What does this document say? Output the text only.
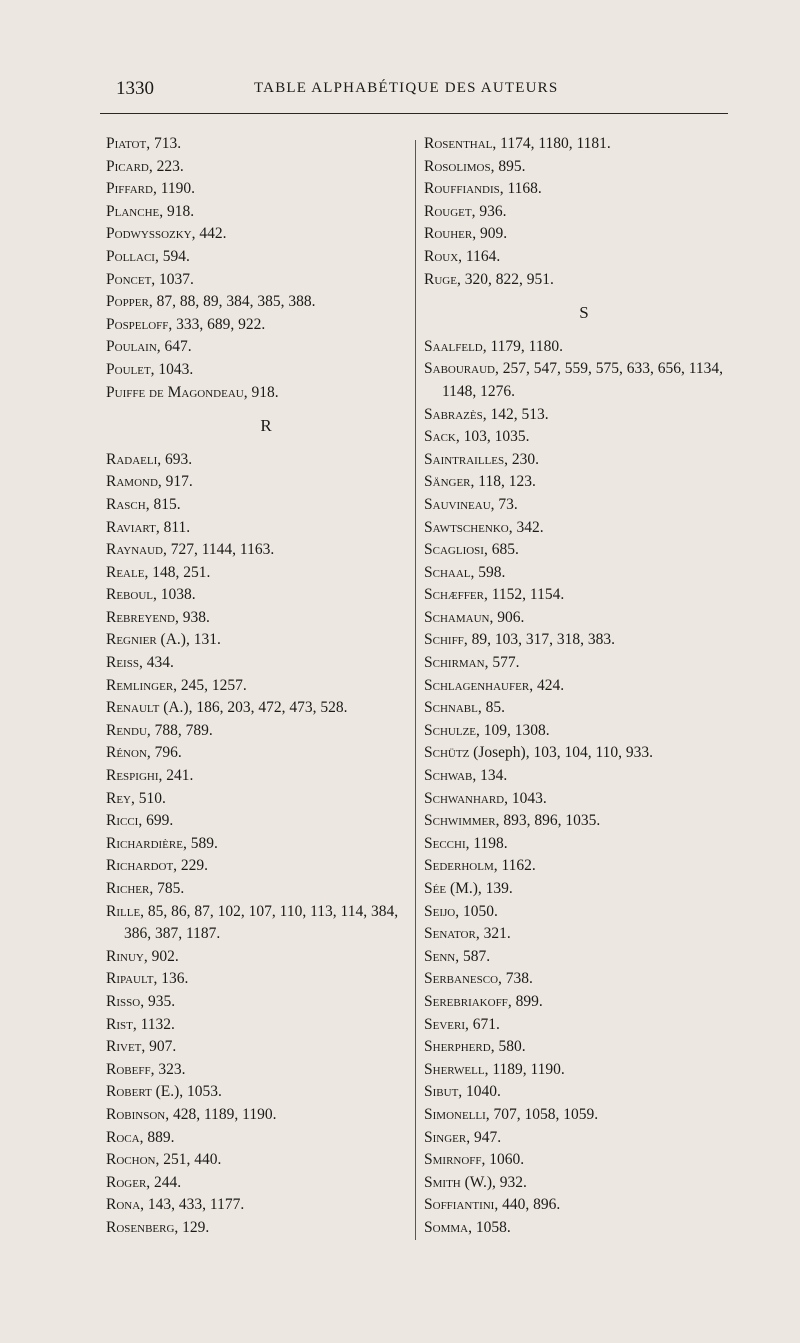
1330	TABLE ALPHABÉTIQUE DES AUTEURS
Piatot, 713.
Picard, 223.
Piffard, 1190.
Planche, 918.
Podwyssozky, 442.
Pollaci, 594.
Poncet, 1037.
Popper, 87, 88, 89, 384, 385, 388.
Pospeloff, 333, 689, 922.
Poulain, 647.
Poulet, 1043.
Puiffe de Magondeau, 918.
R
Radaeli, 693.
Ramond, 917.
Rasch, 815.
Raviart, 811.
Raynaud, 727, 1144, 1163.
Reale, 148, 251.
Reboul, 1038.
Rebreyend, 938.
Regnier (A.), 131.
Reiss, 434.
Remlinger, 245, 1257.
Renault (A.), 186, 203, 472, 473, 528.
Rendu, 788, 789.
Rénon, 796.
Respighi, 241.
Rey, 510.
Ricci, 699.
Richardière, 589.
Richardot, 229.
Richer, 785.
Rille, 85, 86, 87, 102, 107, 110, 113, 114, 384, 386, 387, 1187.
Rinuy, 902.
Ripault, 136.
Risso, 935.
Rist, 1132.
Rivet, 907.
Robeff, 323.
Robert (E.), 1053.
Robinson, 428, 1189, 1190.
Roca, 889.
Rochon, 251, 440.
Roger, 244.
Rona, 143, 433, 1177.
Rosenberg, 129.
Rosenthal, 1174, 1180, 1181.
Rosolimos, 895.
Rouffiandis, 1168.
Rouget, 936.
Rouher, 909.
Roux, 1164.
Ruge, 320, 822, 951.
S
Saalfeld, 1179, 1180.
Sabouraud, 257, 547, 559, 575, 633, 656, 1134, 1148, 1276.
Sabrazès, 142, 513.
Sack, 103, 1035.
Saintrailles, 230.
Sänger, 118, 123.
Sauvineau, 73.
Sawtschenko, 342.
Scagliosi, 685.
Schaal, 598.
Schæffer, 1152, 1154.
Schamaun, 906.
Schiff, 89, 103, 317, 318, 383.
Schirman, 577.
Schlagenhaufer, 424.
Schnabl, 85.
Schulze, 109, 1308.
Schütz (Joseph), 103, 104, 110, 933.
Schwab, 134.
Schwanhard, 1043.
Schwimmer, 893, 896, 1035.
Secchi, 1198.
Sederholm, 1162.
Sée (M.), 139.
Seijo, 1050.
Senator, 321.
Senn, 587.
Serbanesco, 738.
Serebriakoff, 899.
Severi, 671.
Sherpherd, 580.
Sherwell, 1189, 1190.
Sibut, 1040.
Simonelli, 707, 1058, 1059.
Singer, 947.
Smirnoff, 1060.
Smith (W.), 932.
Soffiantini, 440, 896.
Somma, 1058.
